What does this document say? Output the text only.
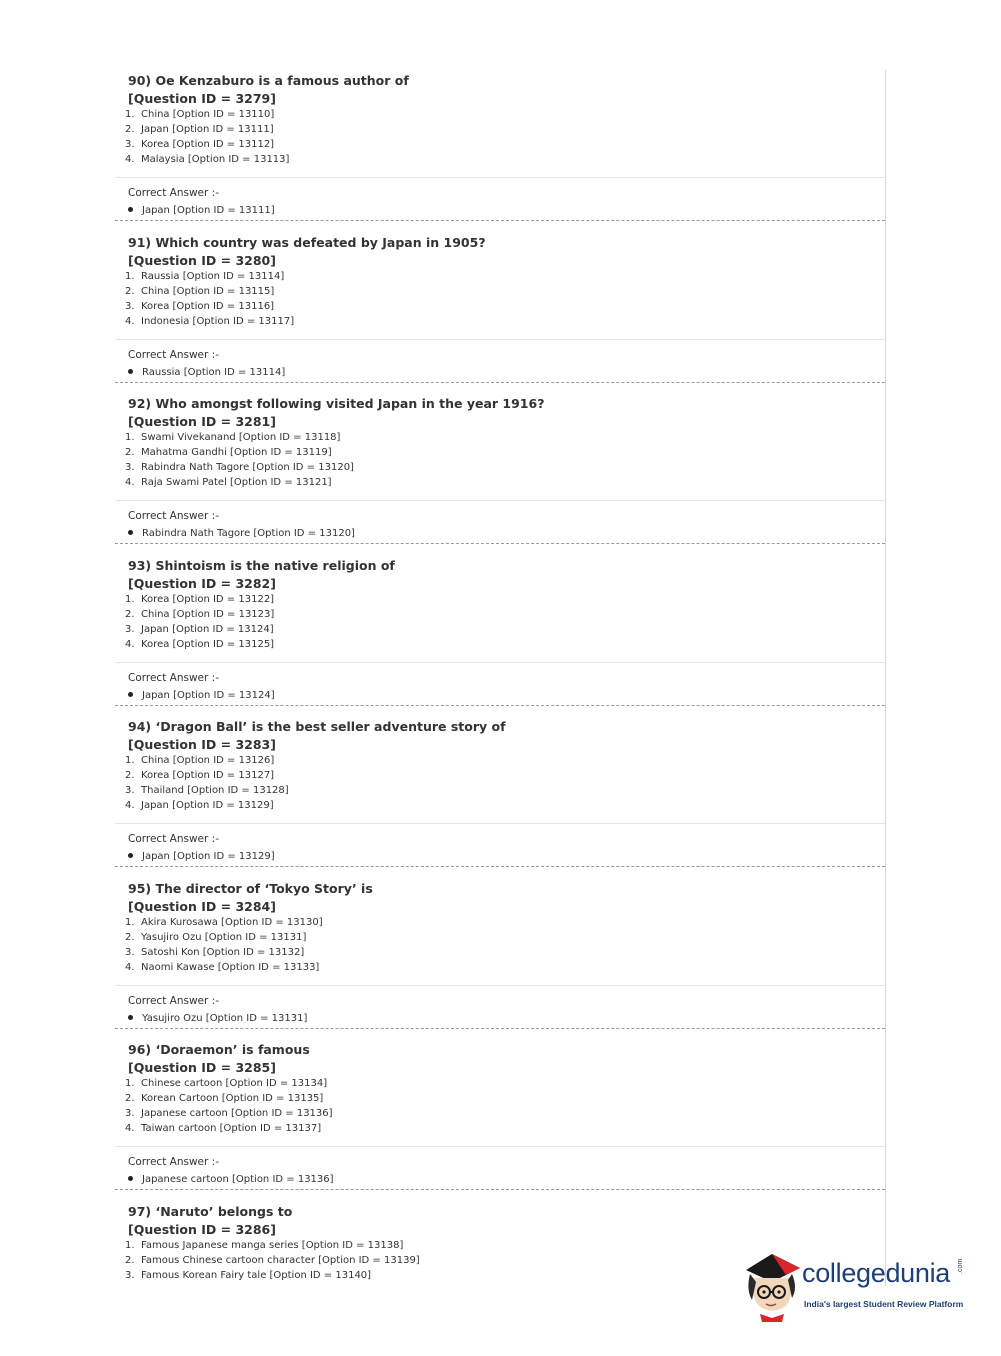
90) Oe Kenzaburo is a famous author of
[Question ID = 3279]
1. China [Option ID = 13110]
2. Japan [Option ID = 13111]
3. Korea [Option ID = 13112]
4. Malaysia [Option ID = 13113]
Correct Answer :-
Japan [Option ID = 13111]
91) Which country was defeated by Japan in 1905?
[Question ID = 3280]
1. Raussia [Option ID = 13114]
2. China [Option ID = 13115]
3. Korea [Option ID = 13116]
4. Indonesia [Option ID = 13117]
Correct Answer :-
Raussia [Option ID = 13114]
92) Who amongst following visited Japan in the year 1916?
[Question ID = 3281]
1. Swami Vivekanand [Option ID = 13118]
2. Mahatma Gandhi [Option ID = 13119]
3. Rabindra Nath Tagore [Option ID = 13120]
4. Raja Swami Patel [Option ID = 13121]
Correct Answer :-
Rabindra Nath Tagore [Option ID = 13120]
93) Shintoism is the native religion of
[Question ID = 3282]
1. Korea [Option ID = 13122]
2. China [Option ID = 13123]
3. Japan [Option ID = 13124]
4. Korea [Option ID = 13125]
Correct Answer :-
Japan [Option ID = 13124]
94) ‘Dragon Ball’ is the best seller adventure story of
[Question ID = 3283]
1. China [Option ID = 13126]
2. Korea [Option ID = 13127]
3. Thailand [Option ID = 13128]
4. Japan [Option ID = 13129]
Correct Answer :-
Japan [Option ID = 13129]
95) The director of ‘Tokyo Story’ is
[Question ID = 3284]
1. Akira Kurosawa [Option ID = 13130]
2. Yasujiro Ozu [Option ID = 13131]
3. Satoshi Kon [Option ID = 13132]
4. Naomi Kawase [Option ID = 13133]
Correct Answer :-
Yasujiro Ozu [Option ID = 13131]
96) ‘Doraemon’ is famous
[Question ID = 3285]
1. Chinese cartoon [Option ID = 13134]
2. Korean Cartoon [Option ID = 13135]
3. Japanese cartoon [Option ID = 13136]
4. Taiwan cartoon [Option ID = 13137]
Correct Answer :-
Japanese cartoon [Option ID = 13136]
97) ‘Naruto’ belongs to
[Question ID = 3286]
1. Famous Japanese manga series [Option ID = 13138]
2. Famous Chinese cartoon character [Option ID = 13139]
3. Famous Korean Fairy tale [Option ID = 13140]	collegedunia .com
India's largest Student Review Platform
